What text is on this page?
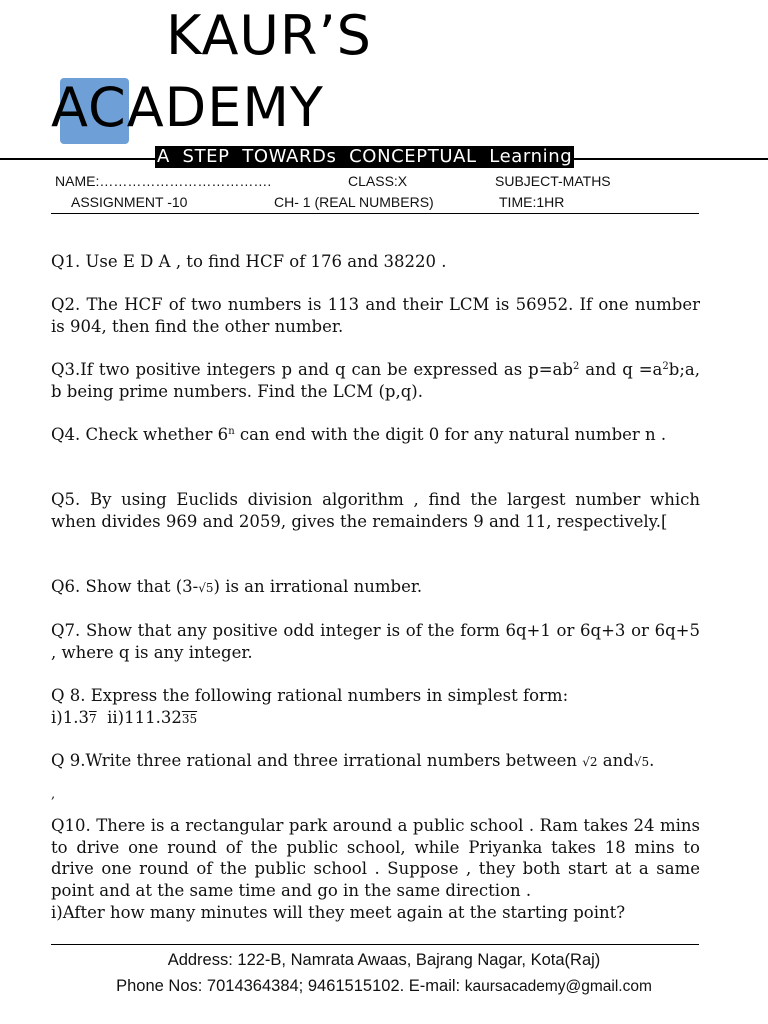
KAUR’S
ACADEMY
A  STEP  TOWARDs  CONCEPTUAL  Learning
NAME:……………………………….	CLASS:X	SUBJECT-MATHS
ASSIGNMENT -10	CH- 1 (REAL NUMBERS)	TIME:1HR
Q1. Use E D A , to find HCF of 176 and 38220 .
Q2. The HCF of two numbers is 113 and their LCM is 56952. If one number is 904, then find the other number.
Q3.If two positive integers p and q can be expressed as $p=ab^2$ and $q =a^2b;a$, b being prime numbers. Find the LCM (p,q).
Q4. Check whether 6$^n$ can end with the digit 0 for any natural number n .
Q5. By using Euclids division algorithm , find the largest number which when divides 969 and 2059, gives the remainders 9 and 11, respectively.[
Q6. Show that (3-√5) is an irrational number.
Q7. Show that any positive odd integer is of the form 6q+1 or 6q+3 or 6q+5 , where q is any integer.
Q 8. Express the following rational numbers in simplest form:
i)1.37  ii)111.3235
Q 9.Write three rational and three irrational numbers between √2 and√5.
,
Q10. There is a rectangular park around a public school . Ram takes 24 mins to drive one round of the public school, while Priyanka takes 18 mins to drive one round of the public school . Suppose , they both start at a same point and at the same time and go in the same direction .
i)After how many minutes will they meet again at the starting point?
Address: 122-B, Namrata Awaas, Bajrang Nagar, Kota(Raj)
Phone Nos: 7014364384; 9461515102. E-mail: kaursacademy@gmail.com
